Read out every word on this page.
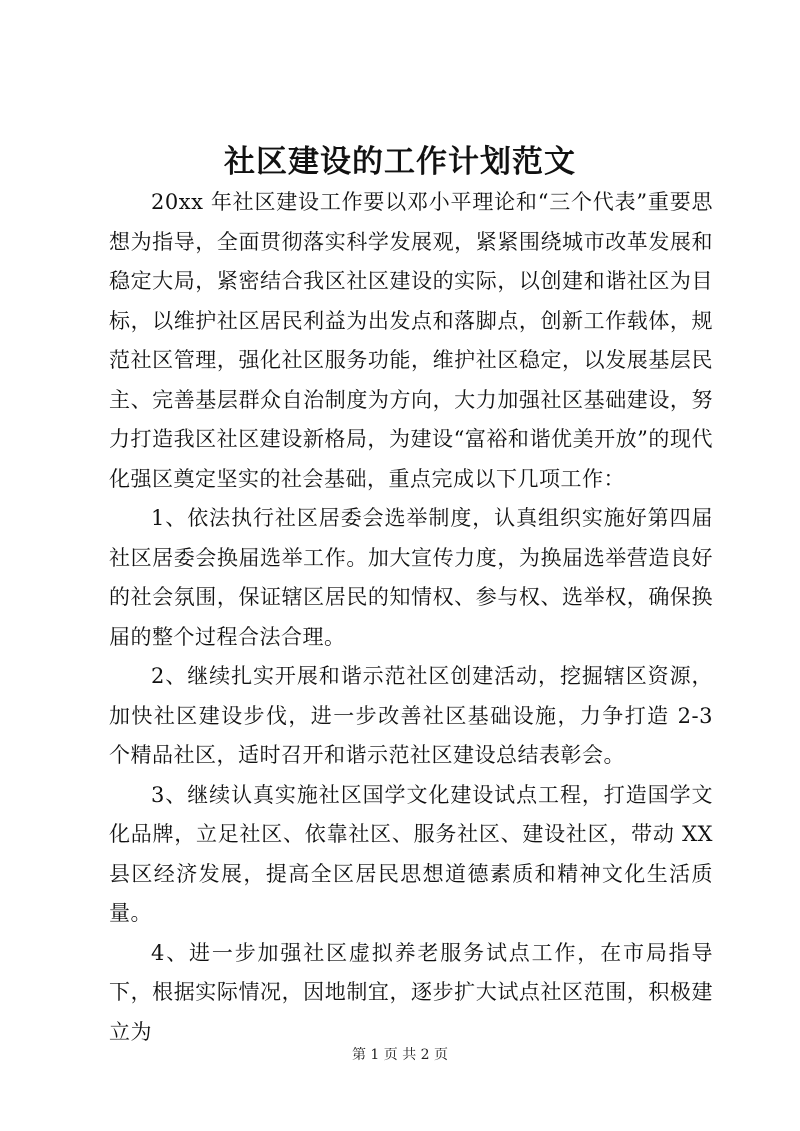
社区建设的工作计划范文

20xx 年社区建设工作要以邓小平理论和“三个代表”重要思想为指导，全面贯彻落实科学发展观，紧紧围绕城市改革发展和稳定大局，紧密结合我区社区建设的实际，以创建和谐社区为目标，以维护社区居民利益为出发点和落脚点，创新工作载体，规范社区管理，强化社区服务功能，维护社区稳定，以发展基层民主、完善基层群众自治制度为方向，大力加强社区基础建设，努力打造我区社区建设新格局，为建设“富裕和谐优美开放”的现代化强区奠定坚实的社会基础，重点完成以下几项工作：

1、依法执行社区居委会选举制度，认真组织实施好第四届社区居委会换届选举工作。加大宣传力度，为换届选举营造良好的社会氛围，保证辖区居民的知情权、参与权、选举权，确保换届的整个过程合法合理。

2、继续扎实开展和谐示范社区创建活动，挖掘辖区资源，加快社区建设步伐，进一步改善社区基础设施，力争打造 2-3 个精品社区，适时召开和谐示范社区建设总结表彰会。

3、继续认真实施社区国学文化建设试点工程，打造国学文化品牌，立足社区、依靠社区、服务社区、建设社区，带动 XX 县区经济发展，提高全区居民思想道德素质和精神文化生活质量。

4、进一步加强社区虚拟养老服务试点工作，在市局指导下，根据实际情况，因地制宜，逐步扩大试点社区范围，积极建立为

第 1 页 共 2 页
